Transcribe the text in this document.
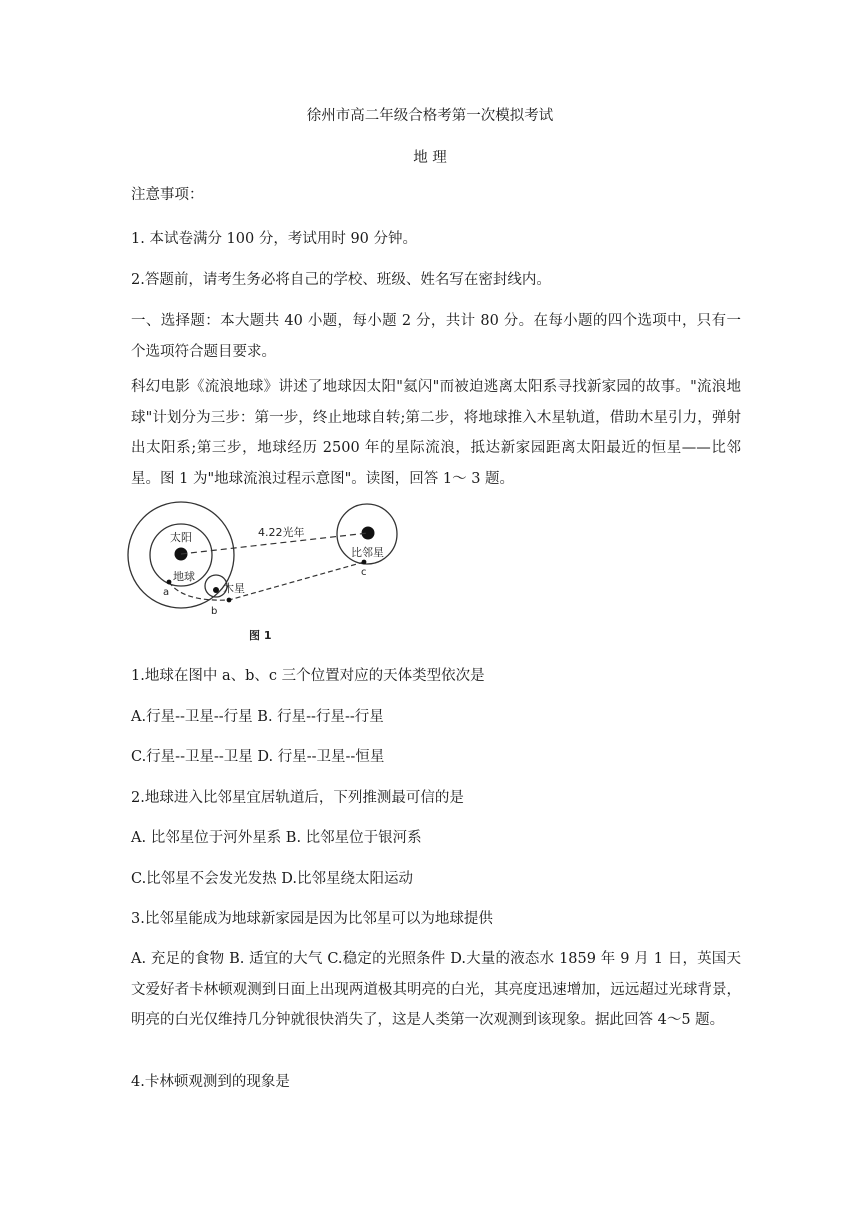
徐州市高二年级合格考第一次模拟考试
地 理
注意事项：
1. 本试卷满分 100 分，考试用时 90 分钟。
2.答题前，请考生务必将自己的学校、班级、姓名写在密封线内。
一、选择题：本大题共 40 小题，每小题 2 分，共计 80 分。在每小题的四个选项中，只有一个选项符合题目要求。
科幻电影《流浪地球》讲述了地球因太阳"氦闪"而被迫逃离太阳系寻找新家园的故事。"流浪地球"计划分为三步：第一步，终止地球自转;第二步，将地球推入木星轨道，借助木星引力，弹射出太阳系;第三步，地球经历 2500 年的星际流浪，抵达新家园距离太阳最近的恒星——比邻星。图 1 为"地球流浪过程示意图"。读图，回答 1～ 3 题。
4.22光年
太阳
地球
木星
比邻星
a
b
c
图 1
1.地球在图中 a、b、c 三个位置对应的天体类型依次是
A.行星--卫星--行星 B. 行星--行星--行星
C.行星--卫星--卫星 D. 行星--卫星--恒星
2.地球进入比邻星宜居轨道后，下列推测最可信的是
A. 比邻星位于河外星系 B. 比邻星位于银河系
C.比邻星不会发光发热 D.比邻星绕太阳运动
3.比邻星能成为地球新家园是因为比邻星可以为地球提供
A. 充足的食物 B. 适宜的大气 C.稳定的光照条件 D.大量的液态水 1859 年 9 月 1 日，英国天文爱好者卡林顿观测到日面上出现两道极其明亮的白光，其亮度迅速增加，远远超过光球背景，明亮的白光仅维持几分钟就很快消失了，这是人类第一次观测到该现象。据此回答 4～5 题。
4.卡林顿观测到的现象是
